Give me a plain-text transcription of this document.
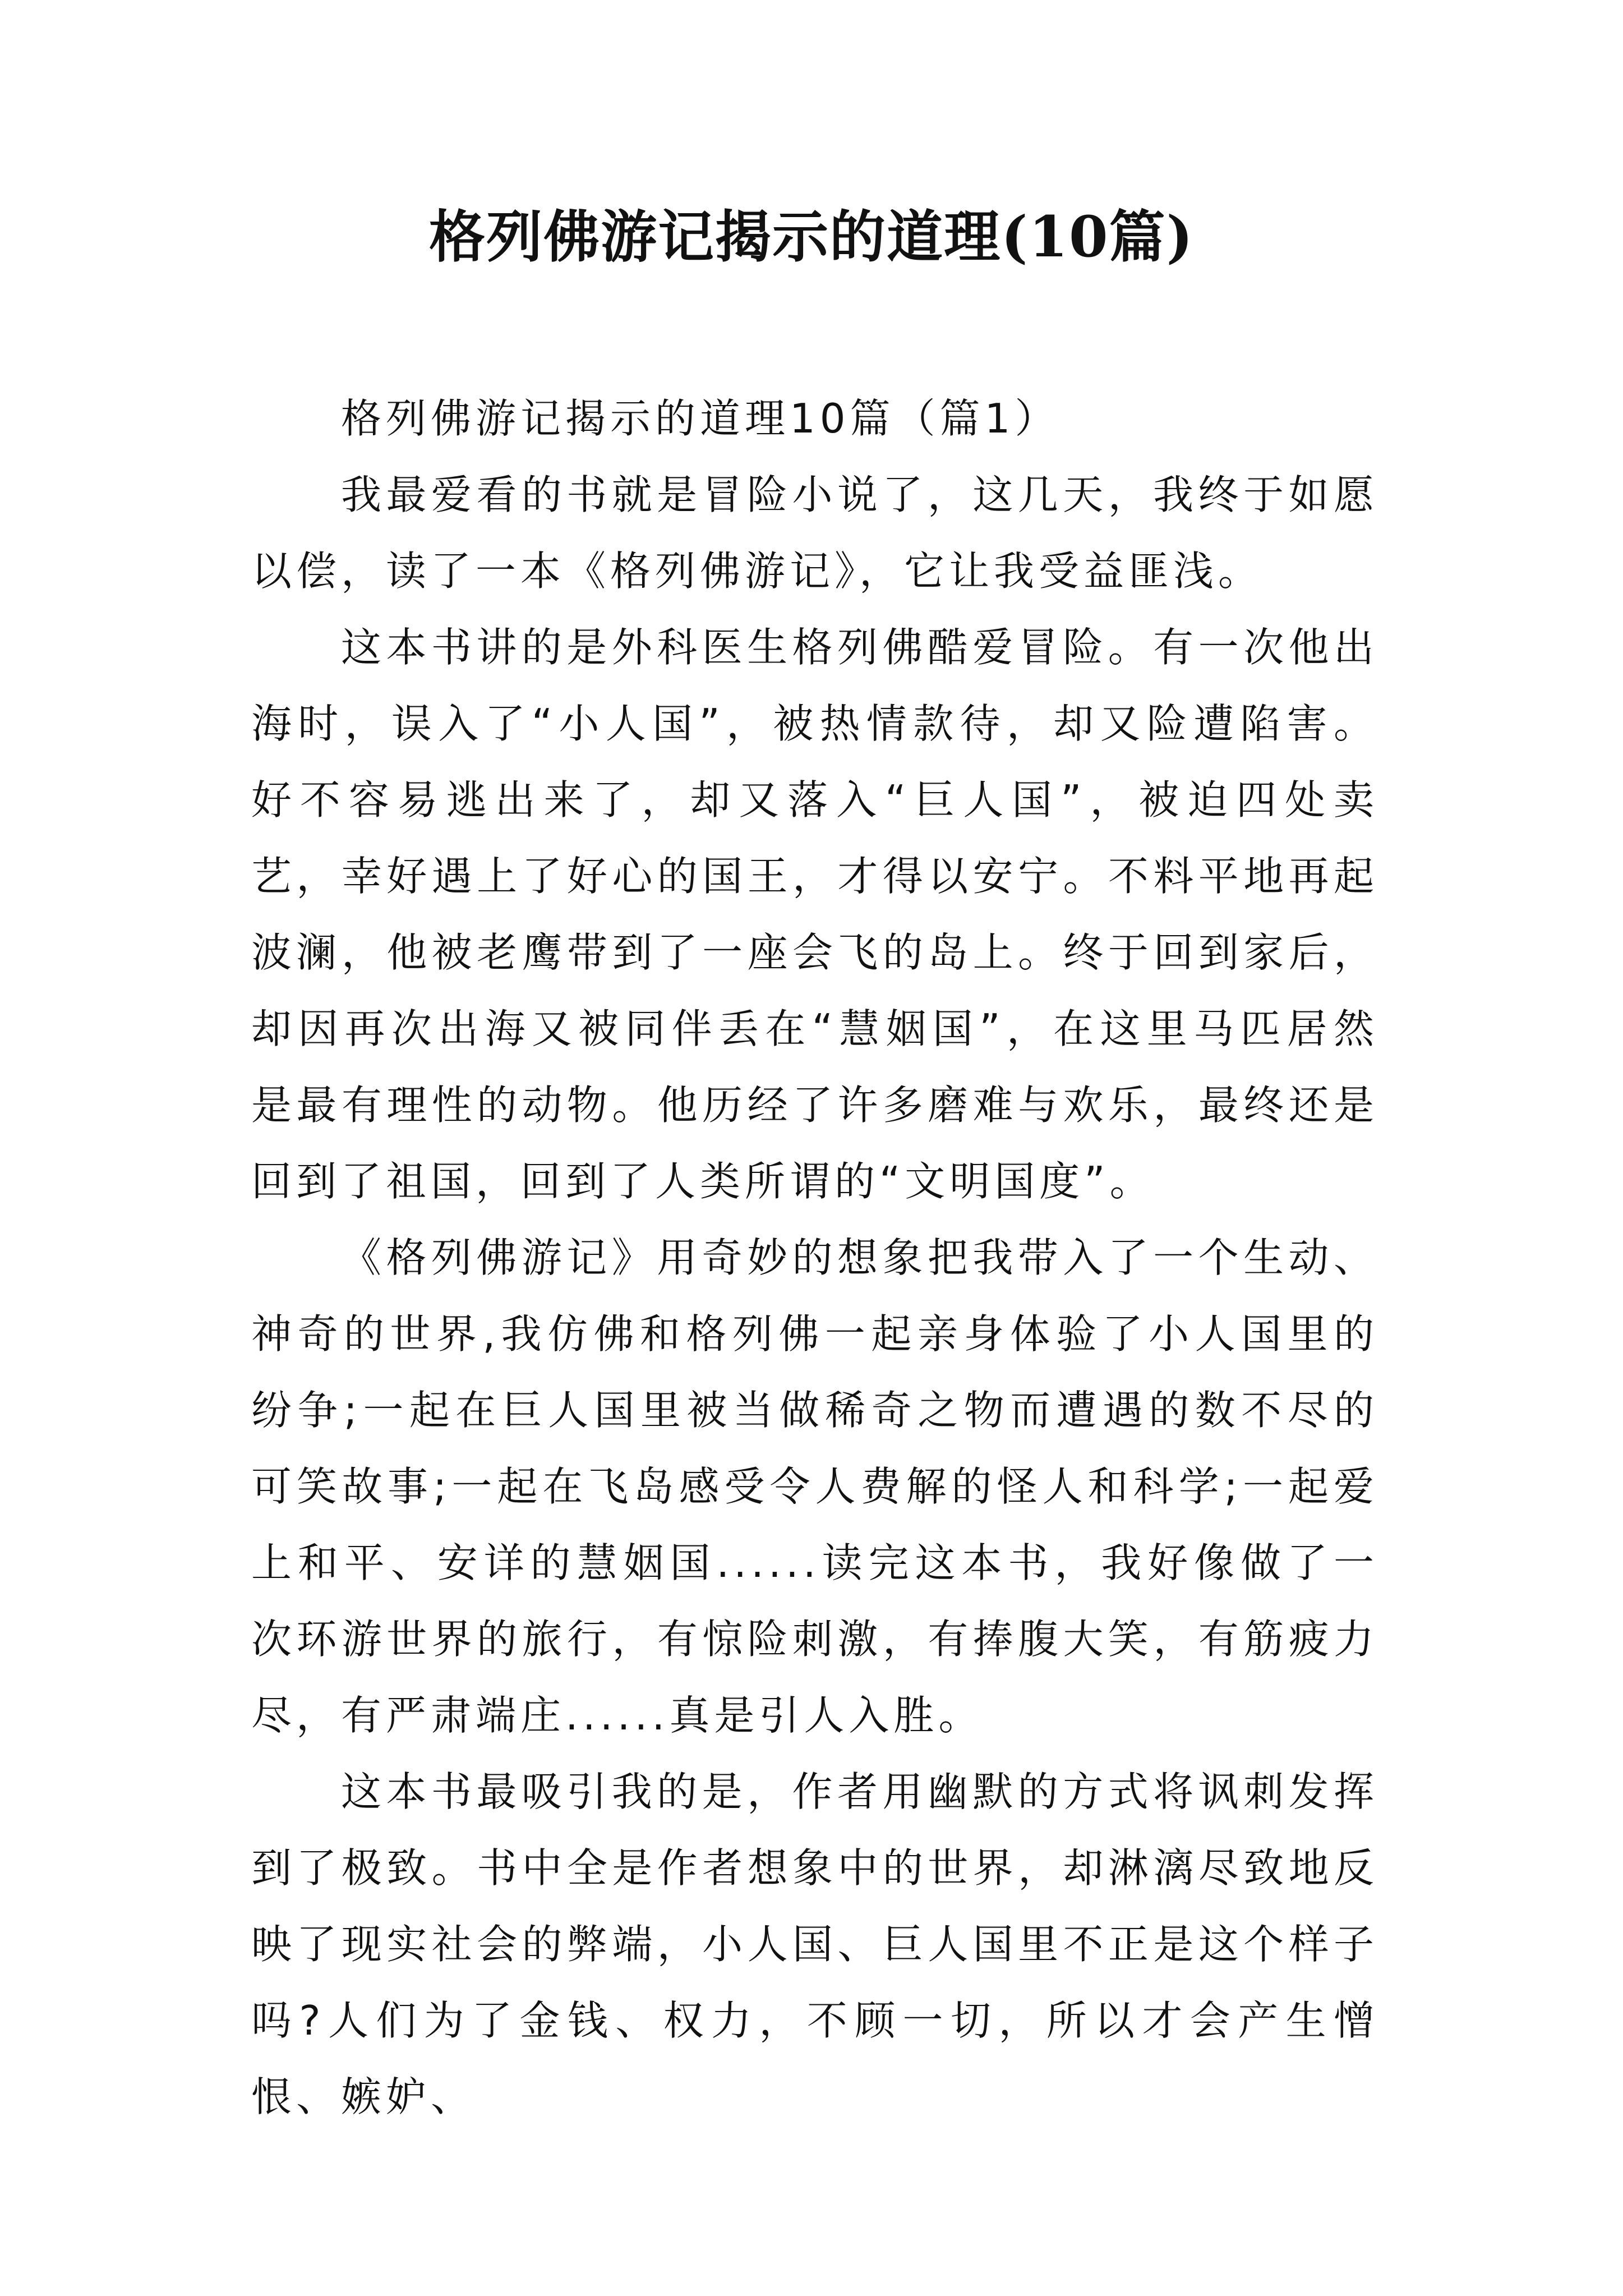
格列佛游记揭示的道理(10篇)

格列佛游记揭示的道理10篇（篇1）

我最爱看的书就是冒险小说了，这几天，我终于如愿以偿，读了一本《格列佛游记》，它让我受益匪浅。

这本书讲的是外科医生格列佛酷爱冒险。有一次他出海时，误入了“小人国”，被热情款待，却又险遭陷害。好不容易逃出来了，却又落入“巨人国”，被迫四处卖艺，幸好遇上了好心的国王，才得以安宁。不料平地再起波澜，他被老鹰带到了一座会飞的岛上。终于回到家后，却因再次出海又被同伴丢在“慧姻国”，在这里马匹居然是最有理性的动物。他历经了许多磨难与欢乐，最终还是回到了祖国，回到了人类所谓的“文明国度”。

《格列佛游记》用奇妙的想象把我带入了一个生动、神奇的世界,我仿佛和格列佛一起亲身体验了小人国里的纷争;一起在巨人国里被当做稀奇之物而遭遇的数不尽的可笑故事;一起在飞岛感受令人费解的怪人和科学;一起爱上和平、安详的慧姻国......读完这本书，我好像做了一次环游世界的旅行，有惊险刺激，有捧腹大笑，有筋疲力尽，有严肃端庄......真是引人入胜。

这本书最吸引我的是，作者用幽默的方式将讽刺发挥到了极致。书中全是作者想象中的世界，却淋漓尽致地反映了现实社会的弊端，小人国、巨人国里不正是这个样子吗?人们为了金钱、权力，不顾一切，所以才会产生憎恨、嫉妒、
